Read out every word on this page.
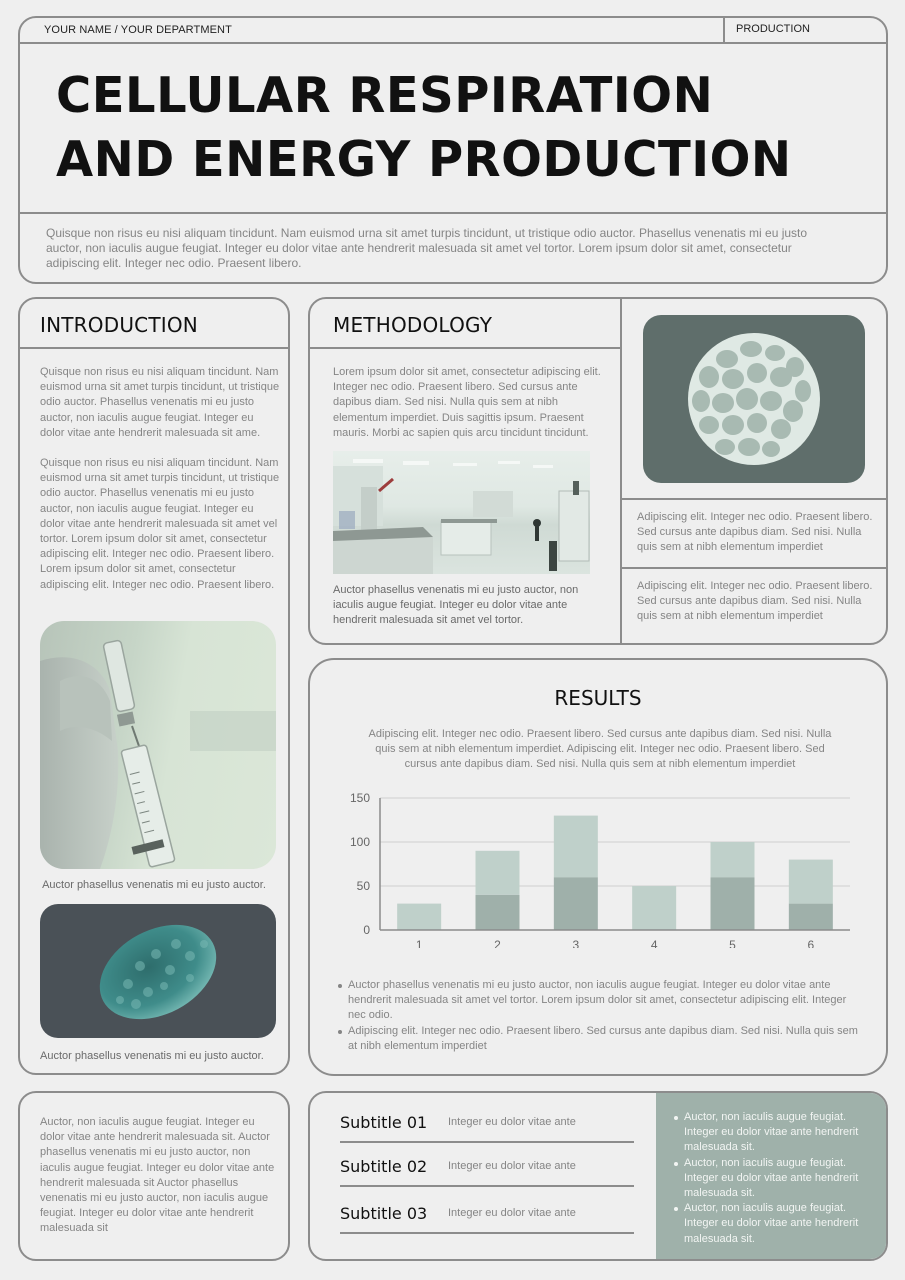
YOUR NAME / YOUR DEPARTMENT	PRODUCTION
CELLULAR RESPIRATION
AND ENERGY PRODUCTION

Quisque non risus eu nisi aliquam tincidunt. Nam euismod urna sit amet turpis tincidunt, ut tristique odio auctor. Phasellus venenatis mi eu justo auctor, non iaculis augue feugiat. Integer eu dolor vitae ante hendrerit malesuada sit amet vel tortor. Lorem ipsum dolor sit amet, consectetur adipiscing elit. Integer nec odio. Praesent libero.

INTRODUCTION

Quisque non risus eu nisi aliquam tincidunt. Nam euismod urna sit amet turpis tincidunt, ut tristique odio auctor. Phasellus venenatis mi eu justo auctor, non iaculis augue feugiat. Integer eu dolor vitae ante hendrerit malesuada sit ame.

Quisque non risus eu nisi aliquam tincidunt. Nam euismod urna sit amet turpis tincidunt, ut tristique odio auctor. Phasellus venenatis mi eu justo auctor, non iaculis augue feugiat. Integer eu dolor vitae ante hendrerit malesuada sit amet vel tortor. Lorem ipsum dolor sit amet, consectetur adipiscing elit. Integer nec odio. Praesent libero. Lorem ipsum dolor sit amet, consectetur adipiscing elit. Integer nec odio. Praesent libero.

Auctor phasellus venenatis mi eu justo auctor.

Auctor phasellus venenatis mi eu justo auctor.

METHODOLOGY

Lorem ipsum dolor sit amet, consectetur adipiscing elit. Integer nec odio. Praesent libero. Sed cursus ante dapibus diam. Sed nisi. Nulla quis sem at nibh elementum imperdiet. Duis sagittis ipsum. Praesent mauris. Morbi ac sapien quis arcu tincidunt tincidunt.

Auctor phasellus venenatis mi eu justo auctor, non iaculis augue feugiat. Integer eu dolor vitae ante hendrerit malesuada sit amet vel tortor.

Adipiscing elit. Integer nec odio. Praesent libero. Sed cursus ante dapibus diam. Sed nisi. Nulla quis sem at nibh elementum imperdiet

Adipiscing elit. Integer nec odio. Praesent libero. Sed cursus ante dapibus diam. Sed nisi. Nulla quis sem at nibh elementum imperdiet

RESULTS

Adipiscing elit. Integer nec odio. Praesent libero. Sed cursus ante dapibus diam. Sed nisi. Nulla quis sem at nibh elementum imperdiet. Adipiscing elit. Integer nec odio. Praesent libero. Sed cursus ante dapibus diam. Sed nisi. Nulla quis sem at nibh elementum imperdiet

0
50
100
150
1	2	3	4	5	6
Auctor phasellus venenatis mi eu justo auctor, non iaculis augue feugiat. Integer eu dolor vitae ante hendrerit malesuada sit amet vel tortor. Lorem ipsum dolor sit amet, consectetur adipiscing elit. Integer nec odio.
Adipiscing elit. Integer nec odio. Praesent libero. Sed cursus ante dapibus diam. Sed nisi. Nulla quis sem at nibh elementum imperdiet

Auctor, non iaculis augue feugiat. Integer eu dolor vitae ante hendrerit malesuada sit. Auctor phasellus venenatis mi eu justo auctor, non iaculis augue feugiat. Integer eu dolor vitae ante hendrerit malesuada sit Auctor phasellus venenatis mi eu justo auctor, non iaculis augue feugiat. Integer eu dolor vitae ante hendrerit malesuada sit

Subtitle 01 Integer eu dolor vitae ante
Subtitle 02 Integer eu dolor vitae ante
Subtitle 03 Integer eu dolor vitae ante
Auctor, non iaculis augue feugiat. Integer eu dolor vitae ante hendrerit malesuada sit.
Auctor, non iaculis augue feugiat. Integer eu dolor vitae ante hendrerit malesuada sit.
Auctor, non iaculis augue feugiat. Integer eu dolor vitae ante hendrerit malesuada sit.
